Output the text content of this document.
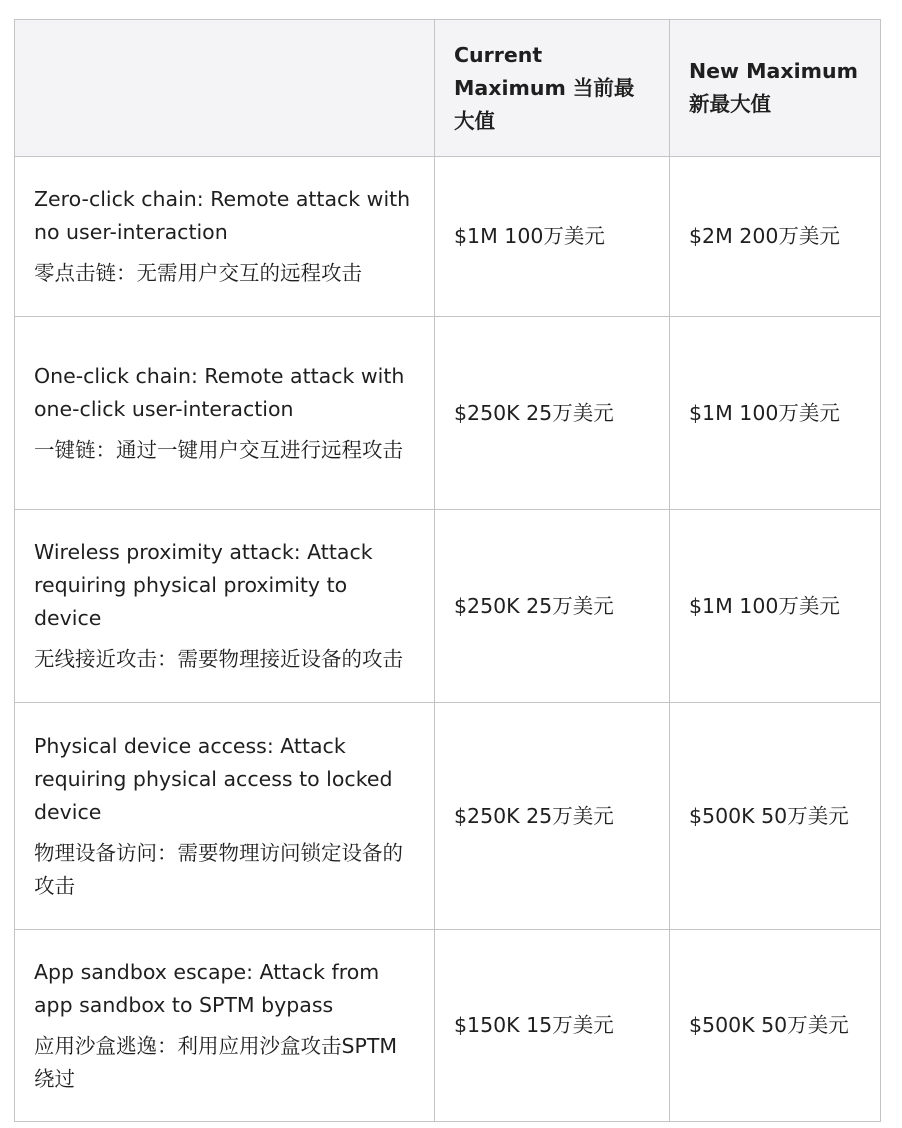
	Current Maximum 当前最大值	New Maximum 新最大值

Zero-click chain: Remote attack with no user-interaction
零点击链：无需用户交互的远程攻击	$1M 100万美元	$2M 200万美元

One-click chain: Remote attack with one-click user-interaction
一键链：通过一键用户交互进行远程攻击	$250K 25万美元	$1M 100万美元

Wireless proximity attack: Attack requiring physical proximity to device
无线接近攻击：需要物理接近设备的攻击	$250K 25万美元	$1M 100万美元

Physical device access: Attack requiring physical access to locked device
物理设备访问：需要物理访问锁定设备的攻击	$250K 25万美元	$500K 50万美元

App sandbox escape: Attack from app sandbox to SPTM bypass
应用沙盒逃逸：利用应用沙盒攻击SPTM 绕过	$150K 15万美元	$500K 50万美元
